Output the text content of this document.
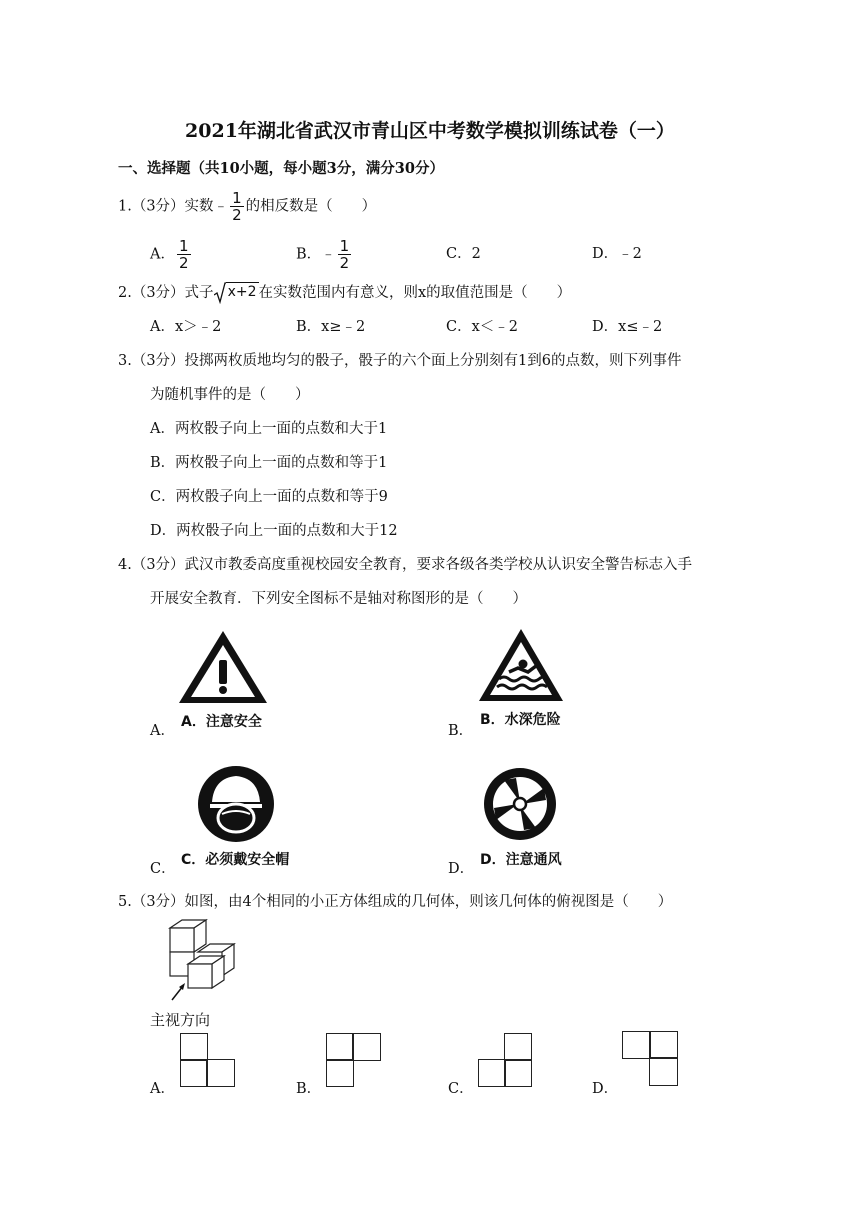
2021年湖北省武汉市青山区中考数学模拟训练试卷（一）
一、选择题（共10小题，每小题3分，满分30分）
1.（3分）实数﹣ $\frac{1}{2}$ 的相反数是（　　）
A． $\frac{1}{2}$	B．﹣ $\frac{1}{2}$	C．2	D．﹣2
2.（3分）式子 x+2 在实数范围内有意义，则x的取值范围是（　　）
A．x＞﹣2	B．x≥﹣2	C．x＜﹣2	D．x≤﹣2
3.（3分）投掷两枚质地均匀的骰子，骰子的六个面上分别刻有1到6的点数，则下列事件
为随机事件的是（　　）
A．两枚骰子向上一面的点数和大于1
B．两枚骰子向上一面的点数和等于1
C．两枚骰子向上一面的点数和等于9
D．两枚骰子向上一面的点数和大于12
4.（3分）武汉市教委高度重视校园安全教育，要求各级各类学校从认识安全警告标志入手
开展安全教育．下列安全图标不是轴对称图形的是（　　）
A．注意安全
A．
B．水深危险
B．
C．必须戴安全帽
C．
D．注意通风
D．
5.（3分）如图，由4个相同的小正方体组成的几何体，则该几何体的俯视图是（　　）
主视方向
A．	B．	C．	D．
